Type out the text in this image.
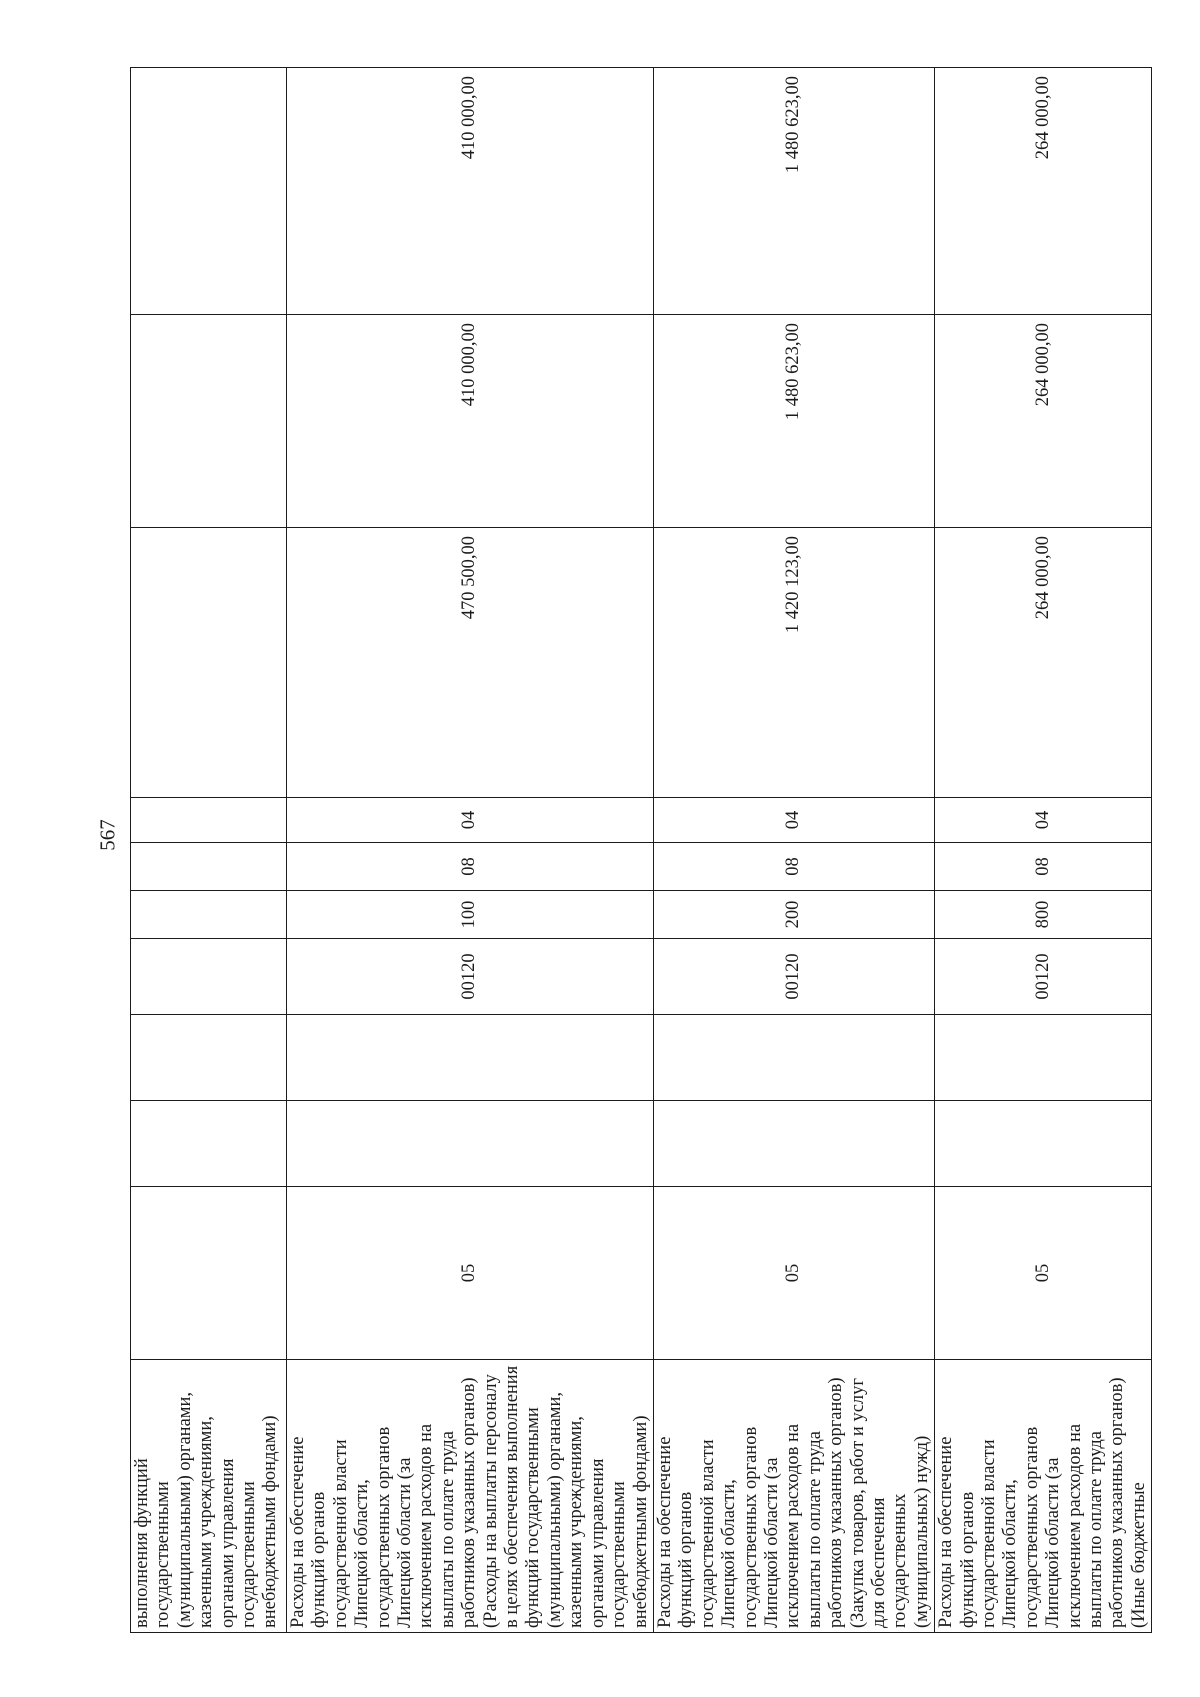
567
выполнения функций государственными (муниципальными) органами, казенными учреждениями, органами управления государственными внебюджетными фондами)										
Расходы на обеспечение функций органов государственной власти Липецкой области, государственных органов Липецкой области (за исключением расходов на выплаты по оплате труда работников указанных органов) (Расходы на выплаты персоналу в целях обеспечения выполнения функций государственными (муниципальными) органами, казенными учреждениями, органами управления государственными внебюджетными фондами)	05			00120	100	08	04	470 500,00	410 000,00	410 000,00
Расходы на обеспечение функций органов государственной власти Липецкой области, государственных органов Липецкой области (за исключением расходов на выплаты по оплате труда работников указанных органов) (Закупка товаров, работ и услуг для обеспечения государственных (муниципальных) нужд)	05			00120	200	08	04	1 420 123,00	1 480 623,00	1 480 623,00
Расходы на обеспечение функций органов государственной власти Липецкой области, государственных органов Липецкой области (за исключением расходов на выплаты по оплате труда работников указанных органов) (Иные бюджетные	05			00120	800	08	04	264 000,00	264 000,00	264 000,00
